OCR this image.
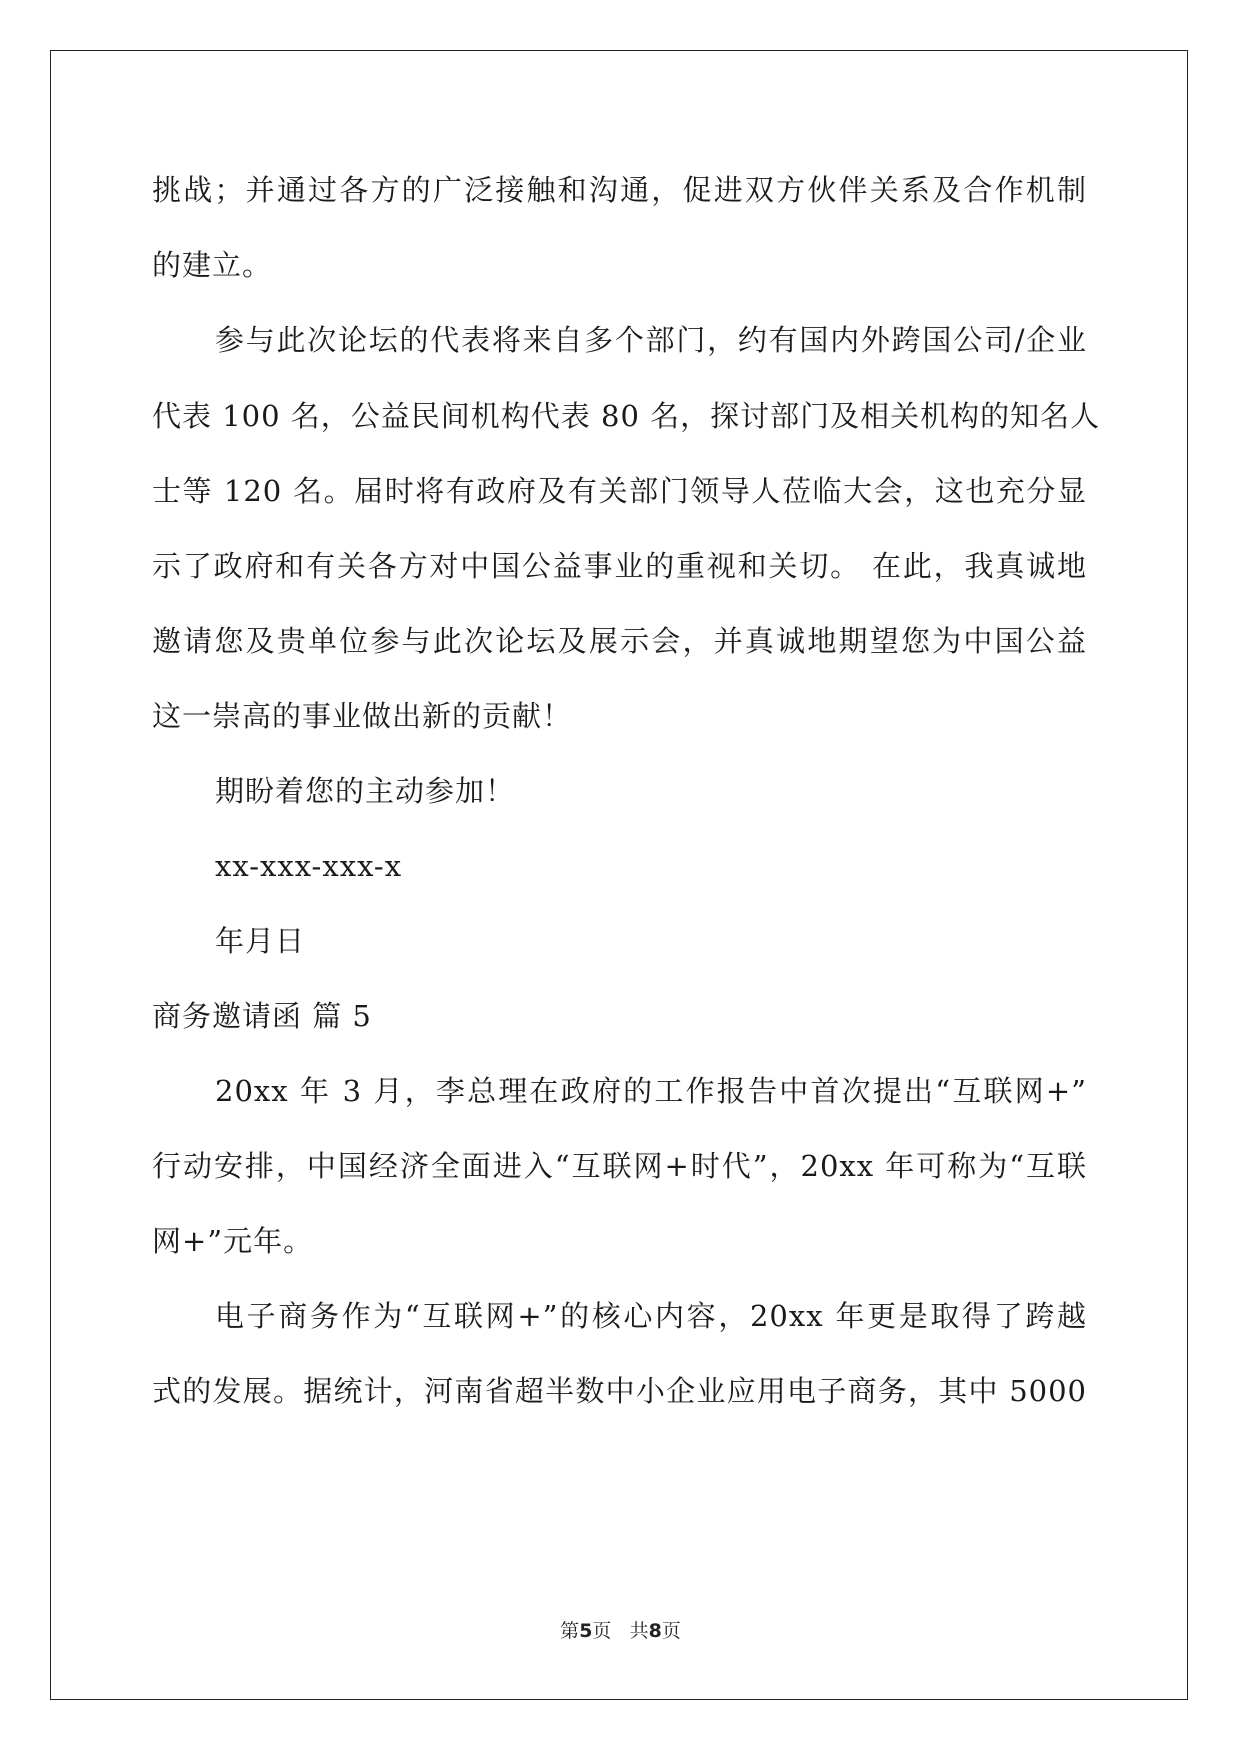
挑战；并通过各方的广泛接触和沟通，促进双方伙伴关系及合作机制
的建立。
参与此次论坛的代表将来自多个部门，约有国内外跨国公司/企业
代表 100 名，公益民间机构代表 80 名，探讨部门及相关机构的知名人
士等 120 名。届时将有政府及有关部门领导人莅临大会，这也充分显
示了政府和有关各方对中国公益事业的重视和关切。 在此，我真诚地
邀请您及贵单位参与此次论坛及展示会，并真诚地期望您为中国公益
这一崇高的事业做出新的贡献！
期盼着您的主动参加！
xx-xxx-xxx-x
年月日
商务邀请函 篇 5
20xx 年 3 月，李总理在政府的工作报告中首次提出“互联网+”
行动安排，中国经济全面进入“互联网+时代”，20xx 年可称为“互联
网+”元年。
电子商务作为“互联网+”的核心内容，20xx 年更是取得了跨越
式的发展。据统计，河南省超半数中小企业应用电子商务，其中 5000
第5页 共8页
